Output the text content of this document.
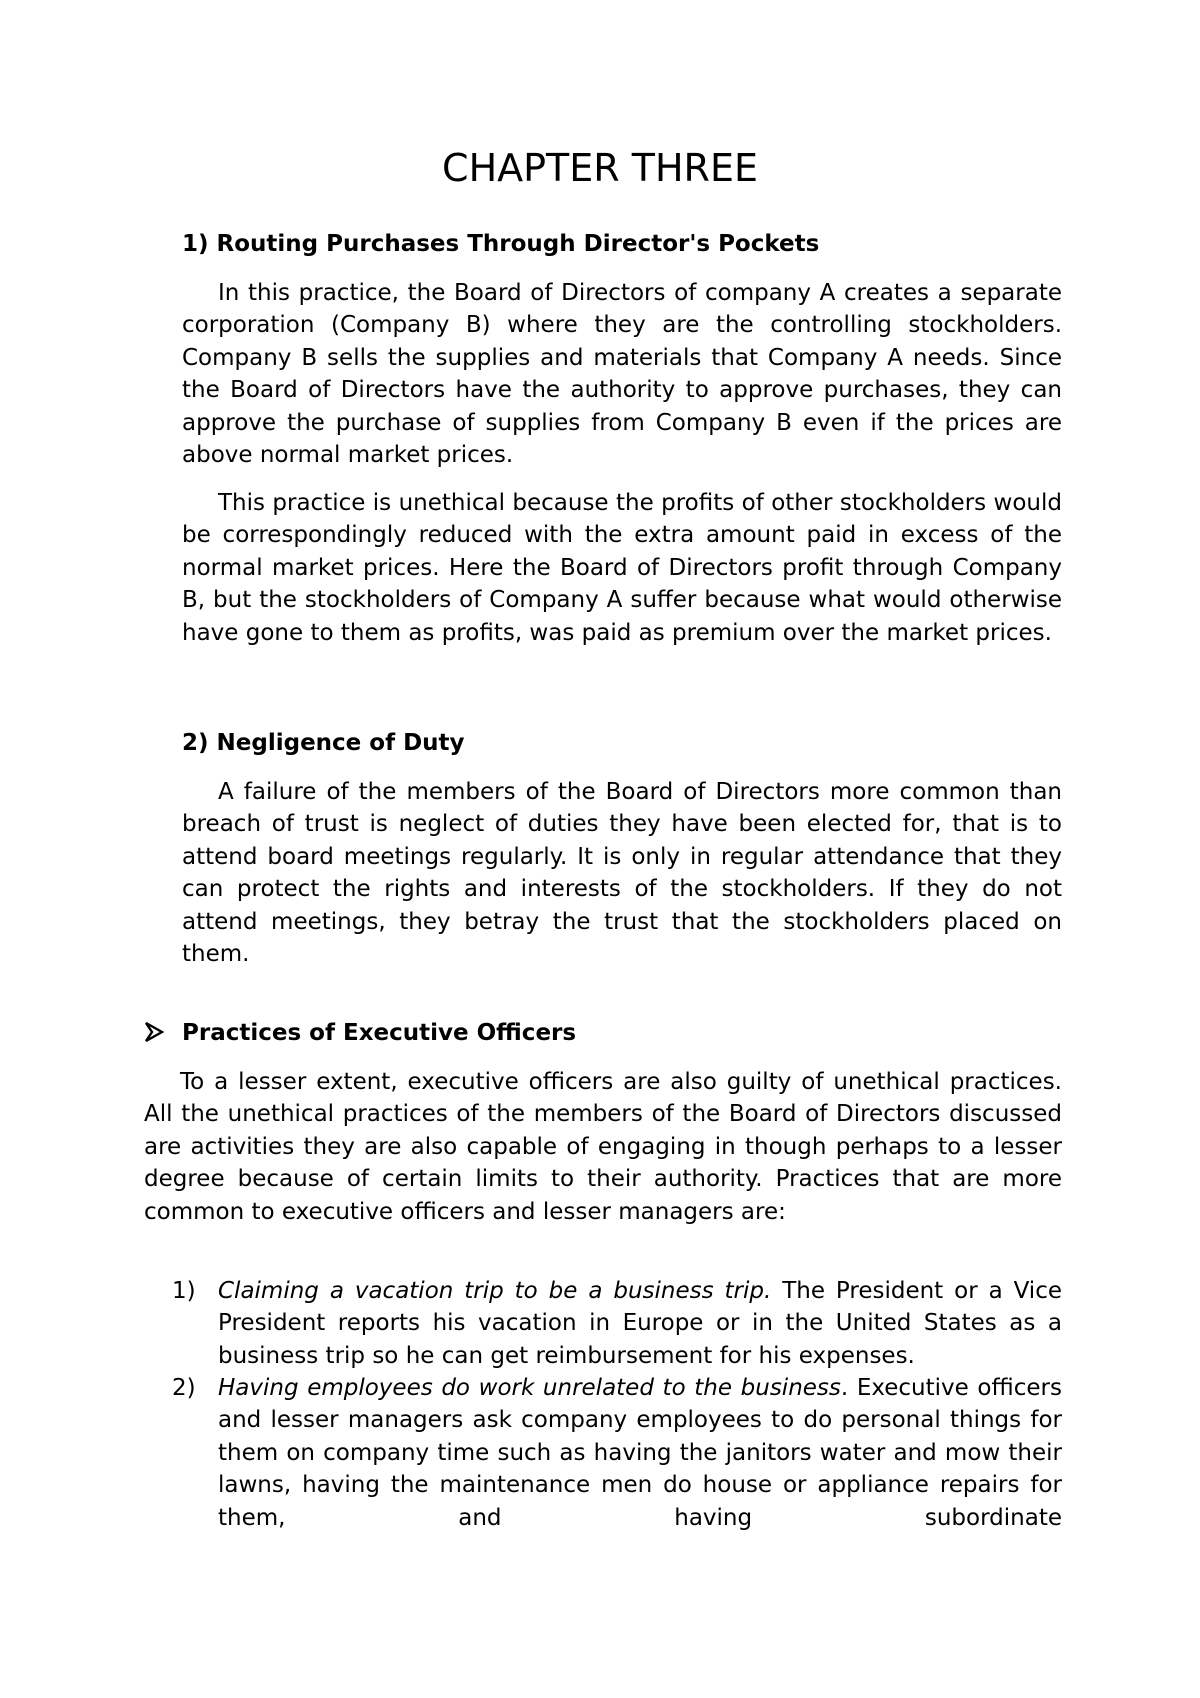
CHAPTER THREE
1) Routing Purchases Through Director's Pockets
In this practice, the Board of Directors of company A creates a separate corporation (Company B) where they are the controlling stockholders. Company B sells the supplies and materials that Company A needs. Since the Board of Directors have the authority to approve purchases, they can approve the purchase of supplies from Company B even if the prices are above normal market prices.
This practice is unethical because the profits of other stockholders would be correspondingly reduced with the extra amount paid in excess of the normal market prices. Here the Board of Directors profit through Company B, but the stockholders of Company A suffer because what would otherwise have gone to them as profits, was paid as premium over the market prices.
2) Negligence of Duty
A failure of the members of the Board of Directors more common than breach of trust is neglect of duties they have been elected for, that is to attend board meetings regularly. It is only in regular attendance that they can protect the rights and interests of the stockholders. If they do not attend meetings, they betray the trust that the stockholders placed on them.
Practices of Executive Officers
To a lesser extent, executive officers are also guilty of unethical practices. All the unethical practices of the members of the Board of Directors discussed are activities they are also capable of engaging in though perhaps to a lesser degree because of certain limits to their authority. Practices that are more common to executive officers and lesser managers are:
1) Claiming a vacation trip to be a business trip. The President or a Vice President reports his vacation in Europe or in the United States as a business trip so he can get reimbursement for his expenses.
2) Having employees do work unrelated to the business. Executive officers and lesser managers ask company employees to do personal things for them on company time such as having the janitors water and mow their lawns, having the maintenance men do house or appliance repairs for them, and having subordinate
